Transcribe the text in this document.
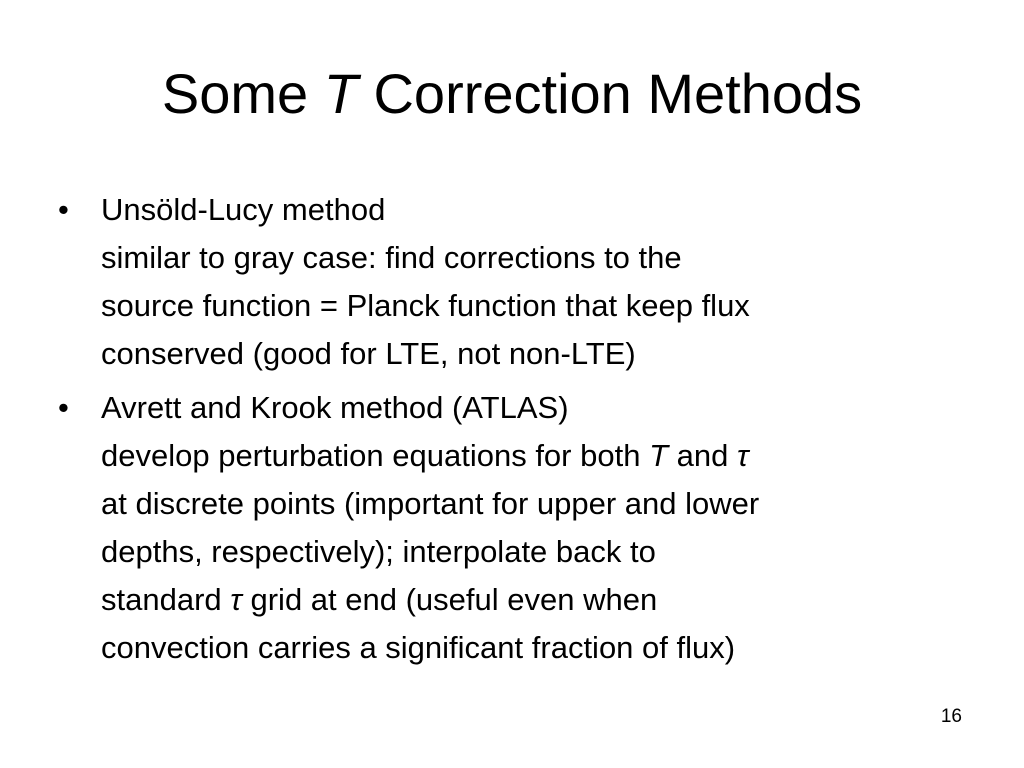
Some T Correction Methods
• Unsöld-Lucy method
similar to gray case: find corrections to the
source function = Planck function that keep flux
conserved (good for LTE, not non-LTE)
• Avrett and Krook method (ATLAS)
develop perturbation equations for both T and τ
at discrete points (important for upper and lower
depths, respectively); interpolate back to
standard τ grid at end (useful even when
convection carries a significant fraction of flux)
16
